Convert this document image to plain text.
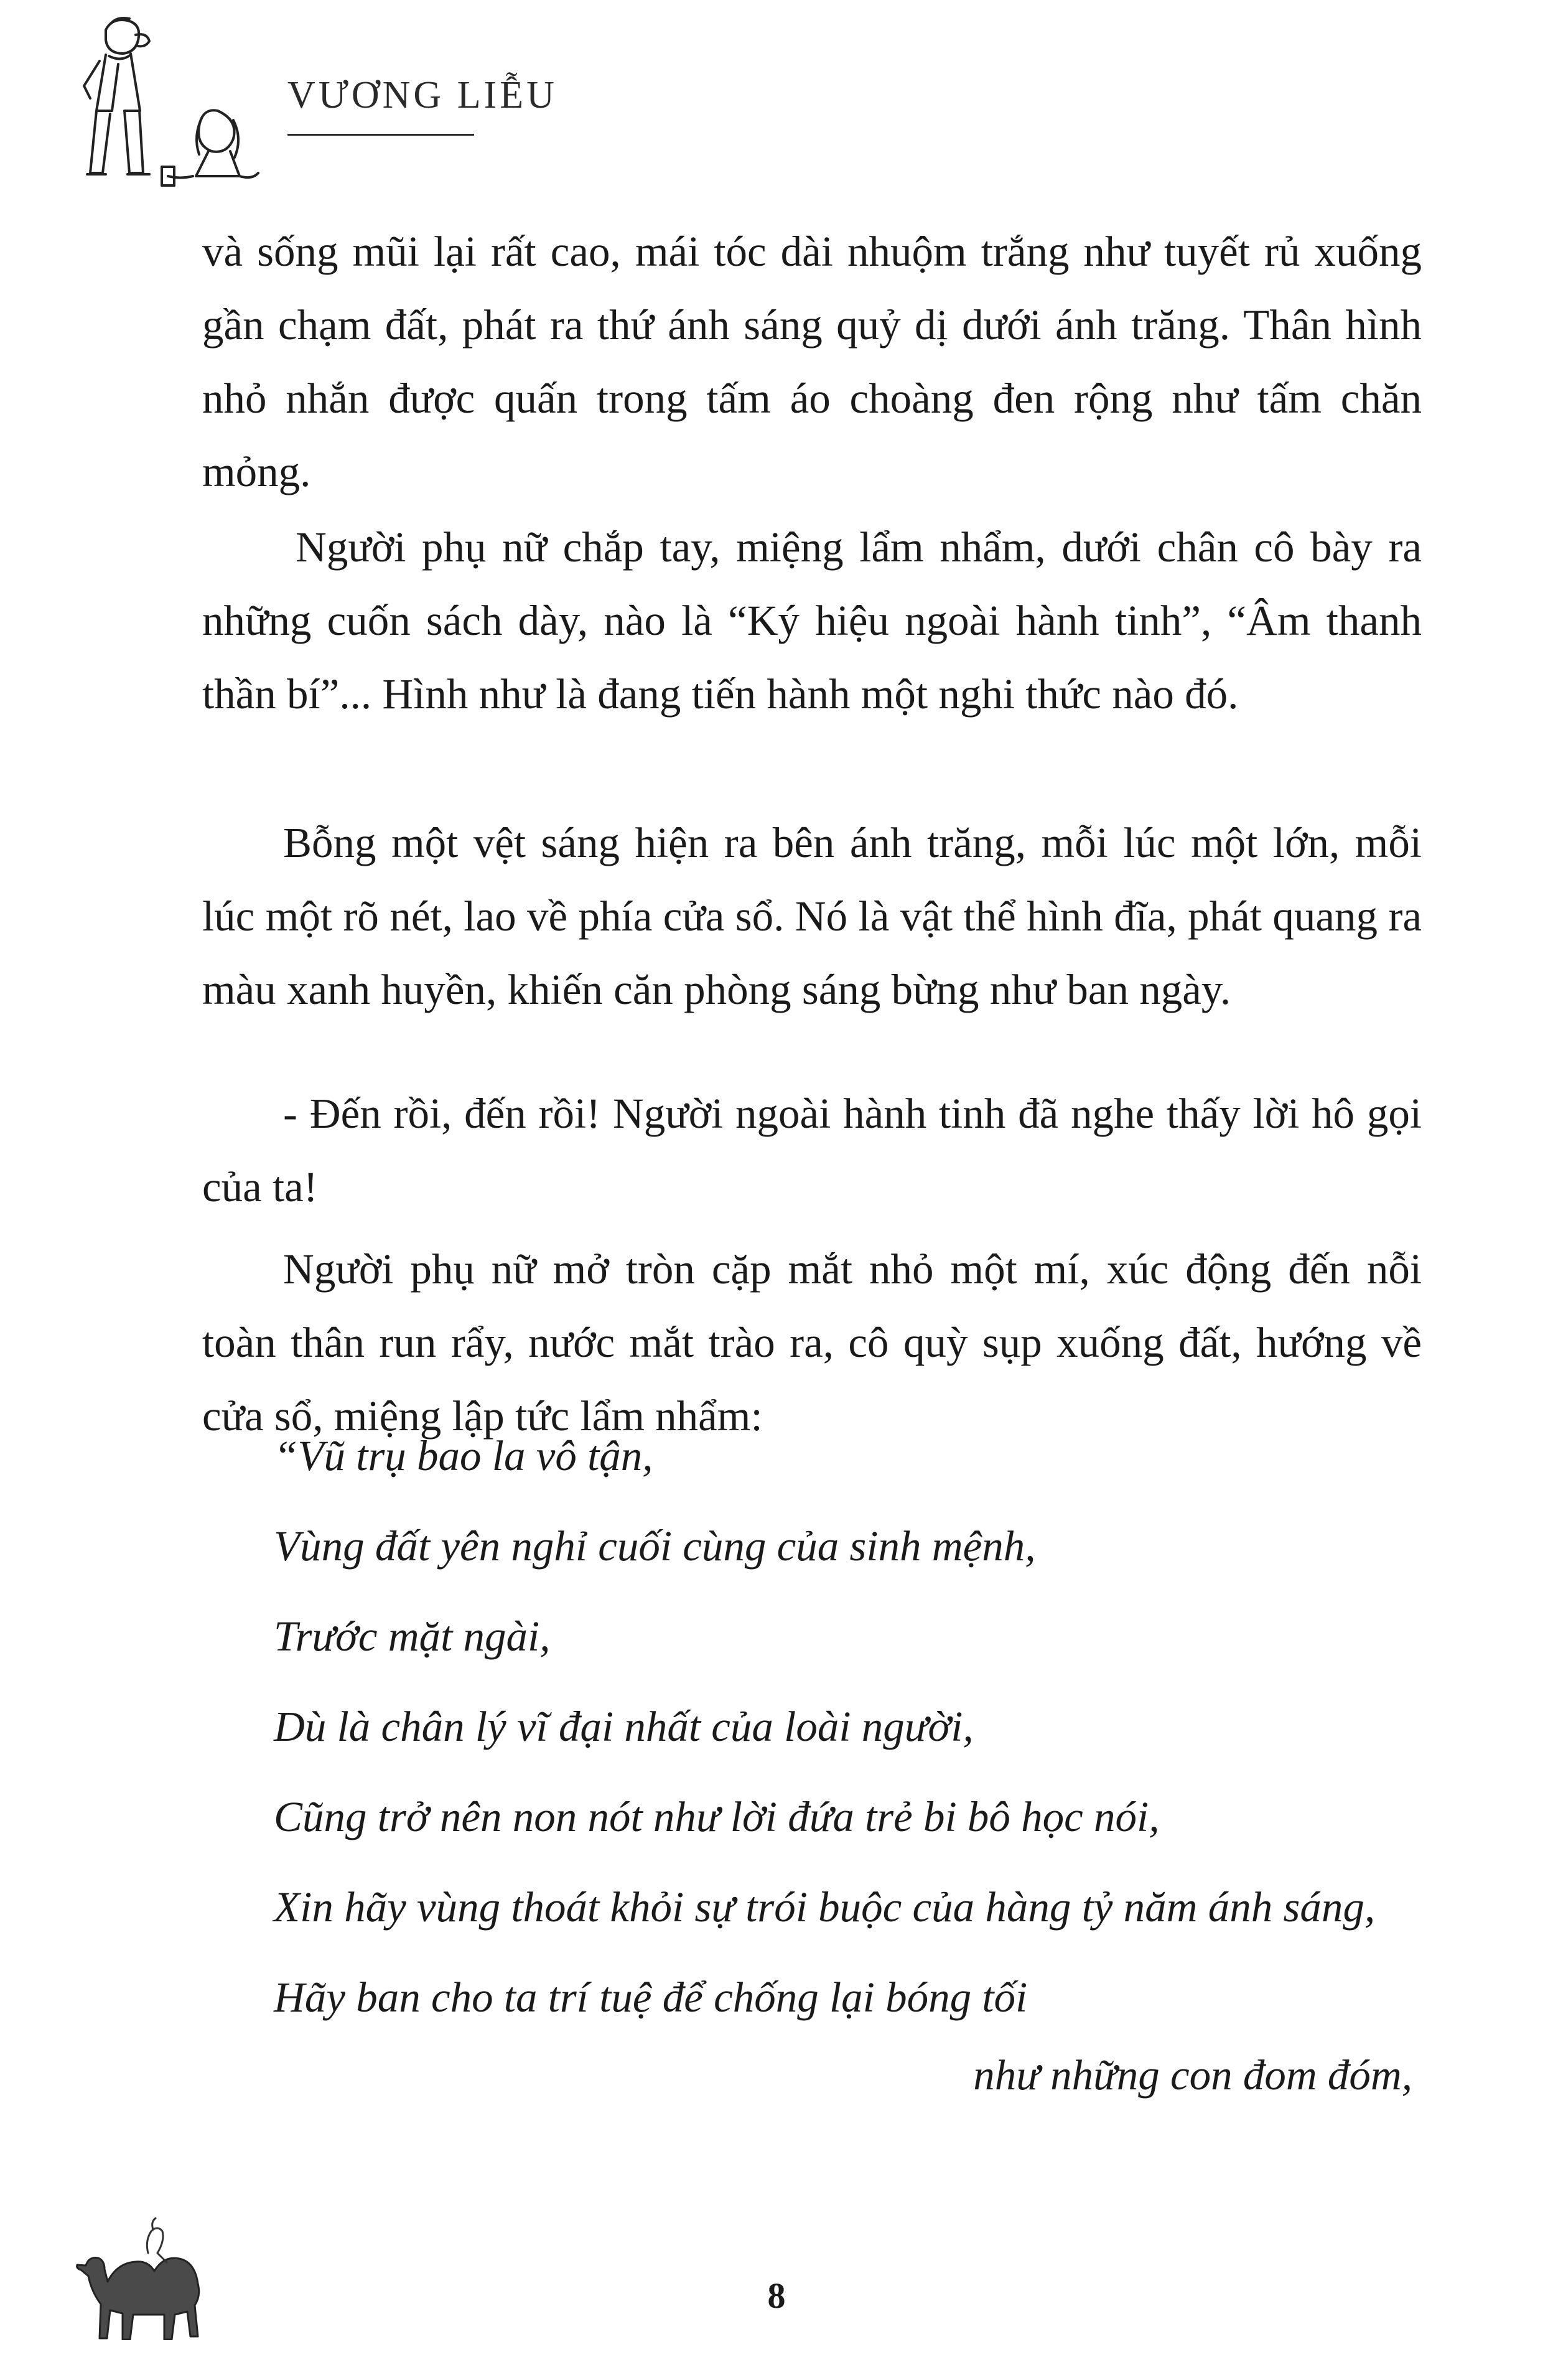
VƯƠNG LIỄU

và sống mũi lại rất cao, mái tóc dài nhuộm trắng như tuyết rủ xuống gần chạm đất, phát ra thứ ánh sáng quỷ dị dưới ánh trăng. Thân hình nhỏ nhắn được quấn trong tấm áo choàng đen rộng như tấm chăn mỏng.

Người phụ nữ chắp tay, miệng lẩm nhẩm, dưới chân cô bày ra những cuốn sách dày, nào là “Ký hiệu ngoài hành tinh”, “Âm thanh thần bí”... Hình như là đang tiến hành một nghi thức nào đó.

Bỗng một vệt sáng hiện ra bên ánh trăng, mỗi lúc một lớn, mỗi lúc một rõ nét, lao về phía cửa sổ. Nó là vật thể hình đĩa, phát quang ra màu xanh huyền, khiến căn phòng sáng bừng như ban ngày.

- Đến rồi, đến rồi! Người ngoài hành tinh đã nghe thấy lời hô gọi của ta!

Người phụ nữ mở tròn cặp mắt nhỏ một mí, xúc động đến nỗi toàn thân run rẩy, nước mắt trào ra, cô quỳ sụp xuống đất, hướng về cửa sổ, miệng lập tức lẩm nhẩm:

“Vũ trụ bao la vô tận,
Vùng đất yên nghỉ cuối cùng của sinh mệnh,
Trước mặt ngài,
Dù là chân lý vĩ đại nhất của loài người,
Cũng trở nên non nót như lời đứa trẻ bi bô học nói,
Xin hãy vùng thoát khỏi sự trói buộc của hàng tỷ năm ánh sáng,
Hãy ban cho ta trí tuệ để chống lại bóng tối
như những con đom đóm,
8
